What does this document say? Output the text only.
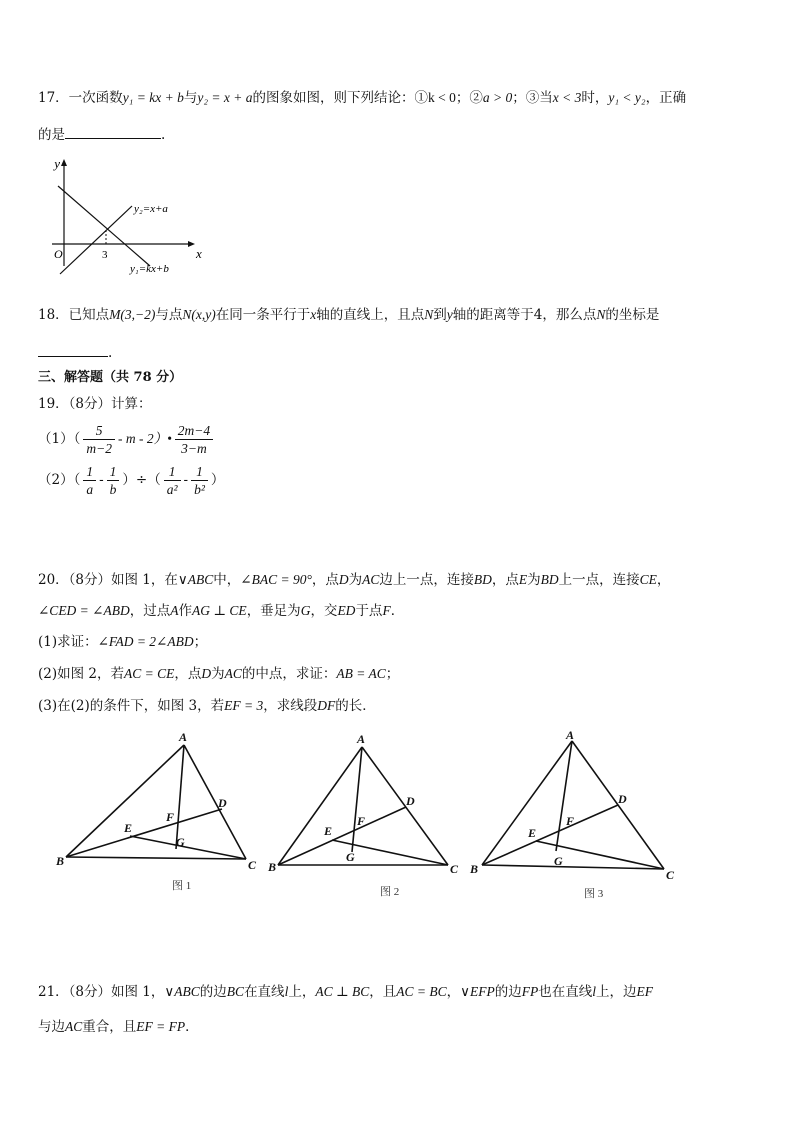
17．一次函数y₁ = kx + b与y₂ = x + a的图象如图，则下列结论：①k < 0；②a > 0；③当x < 3时，y₁ < y₂，正确
的是	.
y
x
O	3
y₂=x+a
y₁=kx+b
18．已知点M(3,−2)与点N(x,y)在同一条平行于x轴的直线上，且点N到y轴的距离等于4，那么点N的坐标是
.
三、解答题（共 78 分）
19．（8分）计算：
$(1)( \frac{5}{m-2}$ - m - 2）• $\frac{2m-4}{3-m}$
$(2)( \frac{1}{a} - \frac{1}{b}$ ）÷（ $\frac{1}{\text{a²}} - \frac{1}{\text{b²}}$ ）
20．（8分）如图 1，在∨ABC中，∠BAC = 90°，点D为AC边上一点，连接BD，点E为BD上一点，连接CE，
∠CED = ∠ABD，过点A作AG ⊥ CE，垂足为G，交ED于点F．
(1)求证：∠FAD = 2∠ABD；
(2)如图 2，若AC = CE，点D为AC的中点，求证：AB = AC；
(3)在(2)的条件下，如图 3，若EF = 3，求线段DF的长．
A
B	C
D
E
F
G
A
B	C
D
E
F
G
A
B	C
D
E
F
G
图 1	图 2	图 3
21．（8分）如图 1，∨ABC的边BC在直线l上，AC ⊥ BC，且AC = BC，∨EFP的边FP也在直线l上，边EF
与边AC重合，且EF = FP．
